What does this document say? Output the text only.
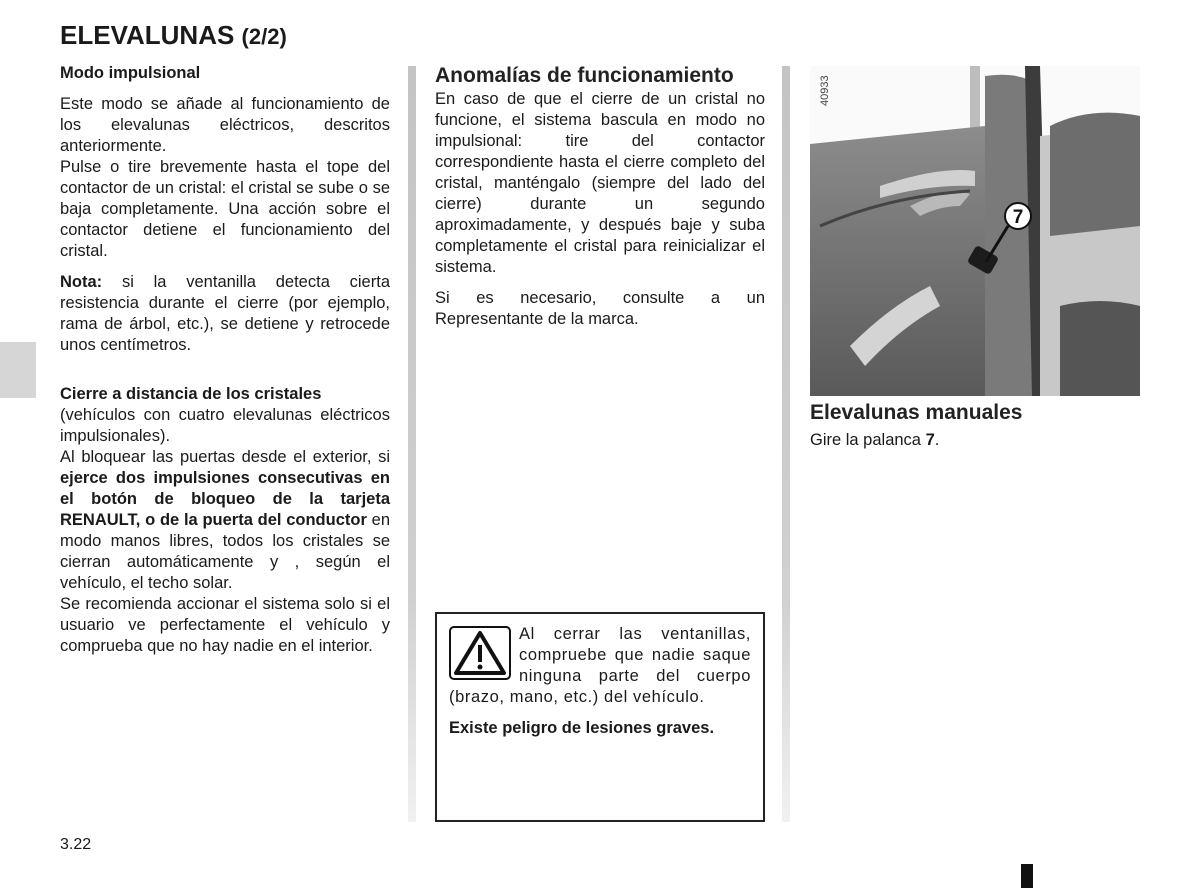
ELEVALUNAS (2/2)

Modo impulsional

Este modo se añade al funcionamiento de los elevalunas eléctricos, descritos anteriormente.

Pulse o tire brevemente hasta el tope del contactor de un cristal: el cristal se sube o se baja completamente. Una acción sobre el contactor detiene el funcionamiento del cristal.

Nota: si la ventanilla detecta cierta resistencia durante el cierre (por ejemplo, rama de árbol, etc.), se detiene y retrocede unos centímetros.

Cierre a distancia de los cristales

(vehículos con cuatro elevalunas eléctricos impulsionales).

Al bloquear las puertas desde el exterior, si ejerce dos impulsiones consecutivas en el botón de bloqueo de la tarjeta RENAULT, o de la puerta del conductor en modo manos libres, todos los cristales se cierran automáticamente y , según el vehículo, el techo solar.

Se recomienda accionar el sistema solo si el usuario ve perfectamente el vehículo y comprueba que no hay nadie en el interior.

Anomalías de funcionamiento

En caso de que el cierre de un cristal no funcione, el sistema bascula en modo no impulsional: tire del contactor correspondiente hasta el cierre completo del cristal, manténgalo (siempre del lado del cierre) durante un segundo aproximadamente, y después baje y suba completamente el cristal para reinicializar el sistema.

Si es necesario, consulte a un Representante de la marca.

Al cerrar las ventanillas, compruebe que nadie saque ninguna parte del cuerpo (brazo, mano, etc.) del vehículo.

Existe peligro de lesiones graves.

7
40933

Elevalunas manuales

Gire la palanca 7.

3.22
